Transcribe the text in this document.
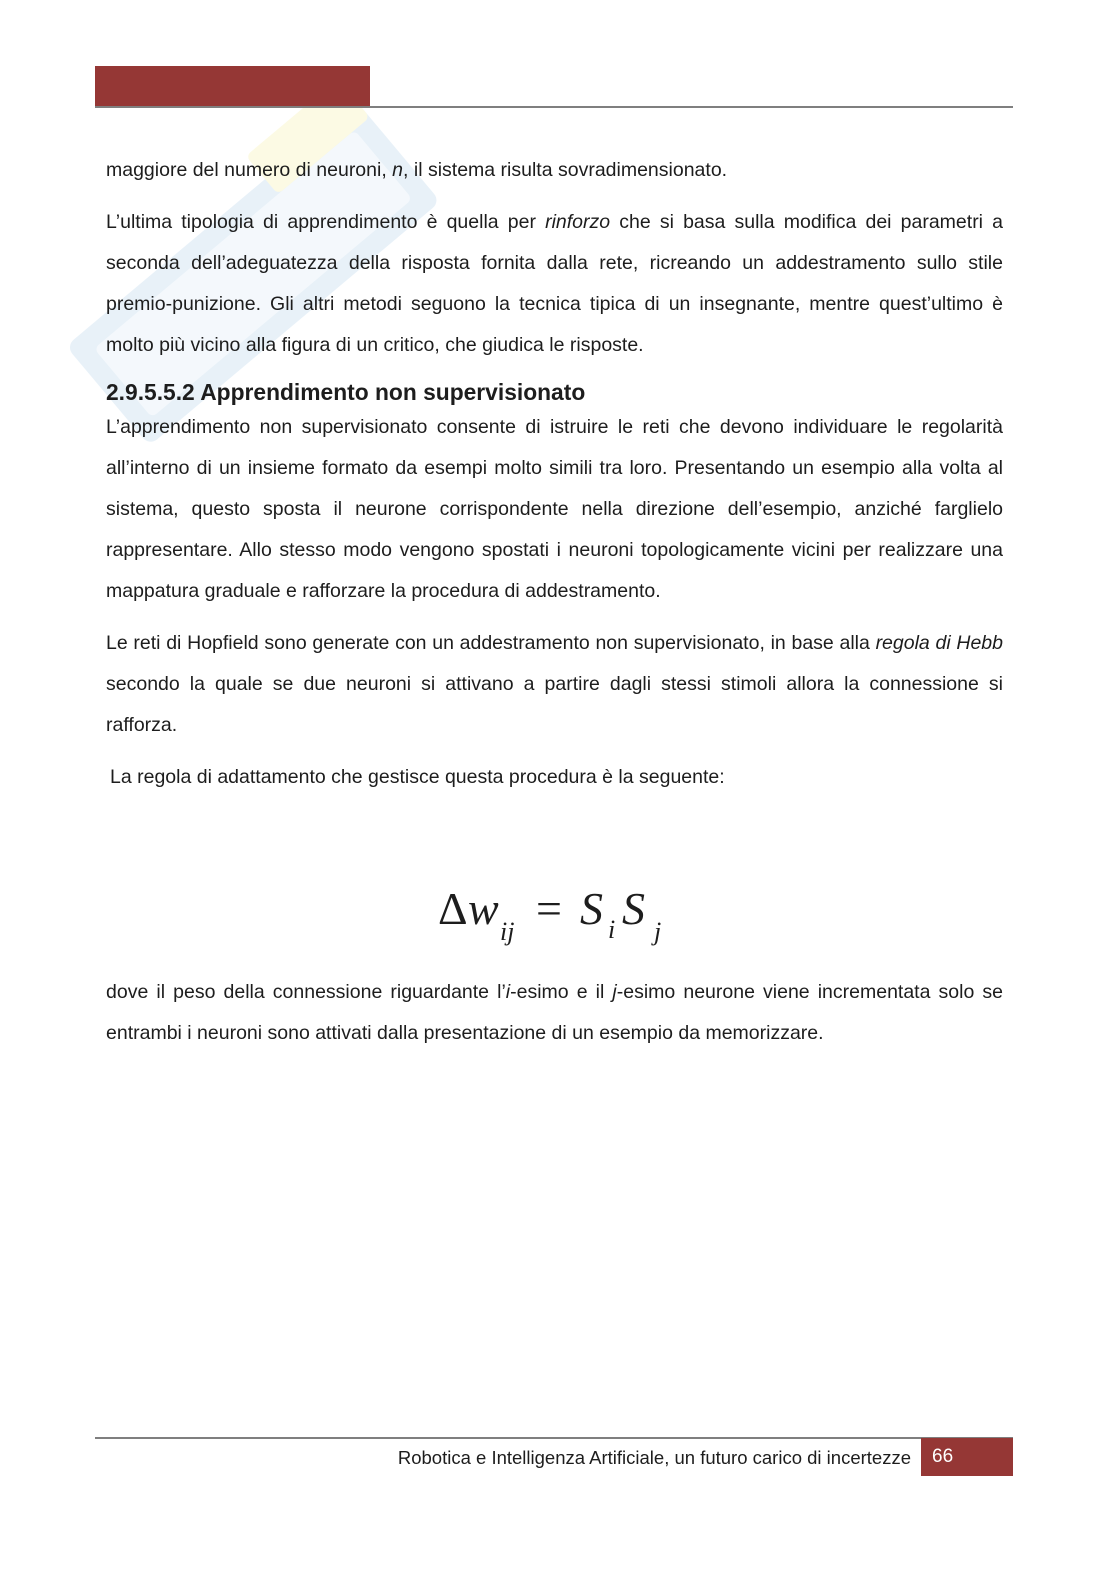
maggiore del numero di neuroni, n, il sistema risulta sovradimensionato.

L’ultima tipologia di apprendimento è quella per rinforzo che si basa sulla modifica dei parametri a seconda dell’adeguatezza della risposta fornita dalla rete, ricreando un addestramento sullo stile premio-punizione. Gli altri metodi seguono la tecnica tipica di un insegnante, mentre quest’ultimo è molto più vicino alla figura di un critico, che giudica le risposte.

2.9.5.5.2 Apprendimento non supervisionato

L’apprendimento non supervisionato consente di istruire le reti che devono individuare le regolarità all’interno di un insieme formato da esempi molto simili tra loro. Presentando un esempio alla volta al sistema, questo sposta il neurone corrispondente nella direzione dell’esempio, anziché farglielo rappresentare. Allo stesso modo vengono spostati i neuroni topologicamente vicini per realizzare una mappatura graduale e rafforzare la procedura di addestramento.

Le reti di Hopfield sono generate con un addestramento non supervisionato, in base alla regola di Hebb secondo la quale se due neuroni si attivano a partire dagli stessi stimoli allora la connessione si rafforza.

La regola di adattamento che gestisce questa procedura è la seguente:

Δ w ij = S i S j

dove il peso della connessione riguardante l’i-esimo e il j-esimo neurone viene incrementata solo se entrambi i neuroni sono attivati dalla presentazione di un esempio da memorizzare.

Robotica e Intelligenza Artificiale, un futuro carico di incertezze	66
